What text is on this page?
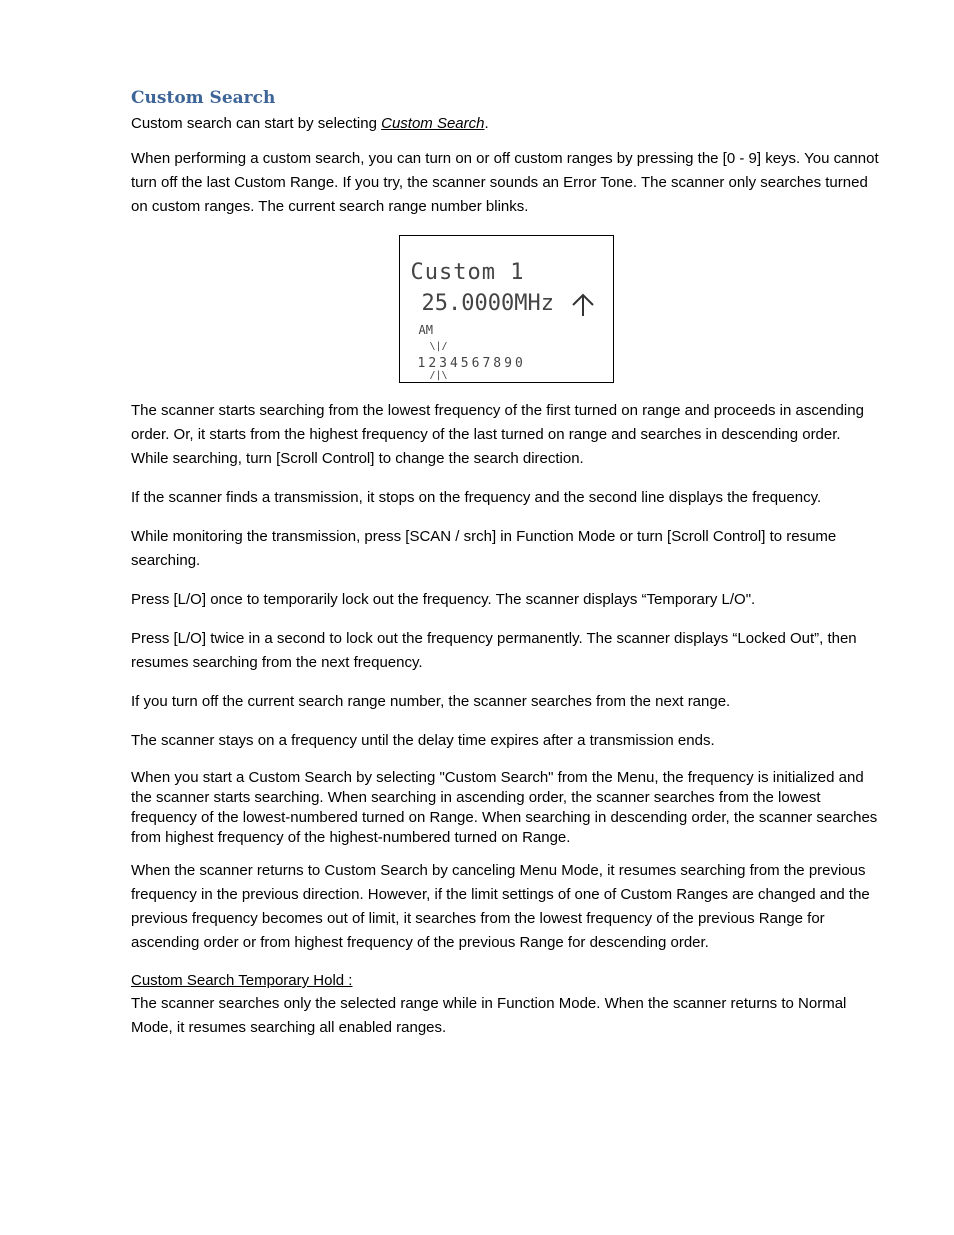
Custom Search

Custom search can start by selecting Custom Search.

When performing a custom search, you can turn on or off custom ranges by pressing the [0 - 9] keys. You cannot turn off the last Custom Range. If you try, the scanner sounds an Error Tone. The scanner only searches turned on custom ranges. The current search range number blinks.

Custom 1
25.0000MHz
AM
\|/
1234567890
/|\

The scanner starts searching from the lowest frequency of the first turned on range and proceeds in ascending order. Or, it starts from the highest frequency of the last turned on range and searches in descending order. While searching, turn [Scroll Control] to change the search direction.

If the scanner finds a transmission, it stops on the frequency and the second line displays the frequency.

While monitoring the transmission, press [SCAN / srch] in Function Mode or turn [Scroll Control] to resume searching.

Press [L/O] once to temporarily lock out the frequency. The scanner displays “Temporary L/O".

Press [L/O] twice in a second to lock out the frequency permanently. The scanner displays “Locked Out”, then resumes searching from the next frequency.

If you turn off the current search range number, the scanner searches from the next range.

The scanner stays on a frequency until the delay time expires after a transmission ends.

When you start a Custom Search by selecting "Custom Search" from the Menu, the frequency is initialized and the scanner starts searching. When searching in ascending order, the scanner searches from the lowest frequency of the lowest-numbered turned on Range. When searching in descending order, the scanner searches from highest frequency of the highest-numbered turned on Range.

When the scanner returns to Custom Search by canceling Menu Mode, it resumes searching from the previous frequency in the previous direction. However, if the limit settings of one of Custom Ranges are changed and the previous frequency becomes out of limit, it searches from the lowest frequency of the previous Range for ascending order or from highest frequency of the previous Range for descending order.

Custom Search Temporary Hold :

The scanner searches only the selected range while in Function Mode. When the scanner returns to Normal Mode, it resumes searching all enabled ranges.
